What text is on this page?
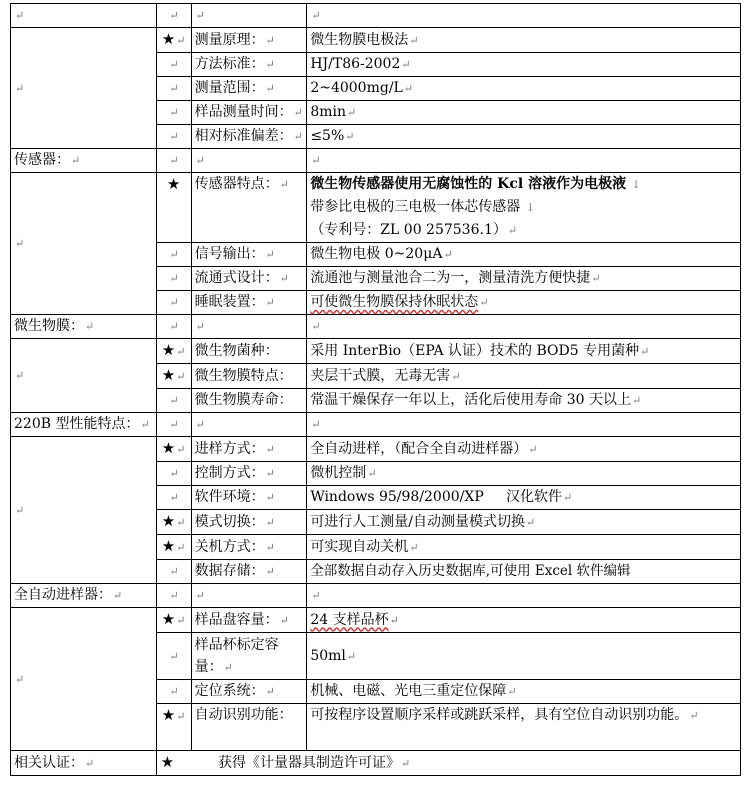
↵	↵	↵	↵
↵	★↵	测量原理：↵	微生物膜电极法↵
	↵	方法标准：↵	HJ/T86-2002↵
	↵	测量范围：↵	2~4000mg/L↵
	↵	样品测量时间：↵	8min↵
	↵	相对标准偏差：↵	≤5%↵
传感器：↵	↵	↵	↵
↵	★	传感器特点：↵	微生物传感器使用无腐蚀性的 Kcl 溶液作为电极液 ↓
带参比电极的三电极一体芯传感器 ↓
（专利号：ZL 00 257536.1）↵

	↵	信号输出：↵	微生物电极 0~20μA↵
	↵	流通式设计：↵	流通池与测量池合二为一，测量清洗方便快捷↵
	↵	睡眠装置：↵	可使微生物膜保持休眠状态↵
微生物膜：↵	↵	↵	↵
↵	★↵	微生物菌种：	采用 InterBio（EPA 认证）技术的 BOD5 专用菌种↵
	★↵	微生物膜特点：	夹层干式膜，无毒无害↵
	↵	微生物膜寿命：	常温干燥保存一年以上，活化后使用寿命 30 天以上↵
220B 型性能特点：↵	↵	↵	↵
↵	★↵	进样方式：↵	全自动进样，（配合全自动进样器）↵
	↵	控制方式：↵	微机控制↵
	↵	软件环境：↵	Windows 95/98/2000/XP     汉化软件↵
	★↵	模式切换：↵	可进行人工测量/自动测量模式切换↵
	★↵	关机方式：↵	可实现自动关机↵
	↵	数据存储：↵	全部数据自动存入历史数据库,可使用 Excel 软件编辑
全自动进样器：↵	↵	↵	↵
↵	★↵	样品盘容量：↵	24 支样品杯↵
	↵	样品杯标定容量：↵	50ml↵
	↵	定位系统：↵	机械、电磁、光电三重定位保障↵
	★↵	自动识别功能：	可按程序设置顺序采样或跳跃采样，具有空位自动识别功能。↵
相关认证：↵	★ 获得《计量器具制造许可证》↵		
